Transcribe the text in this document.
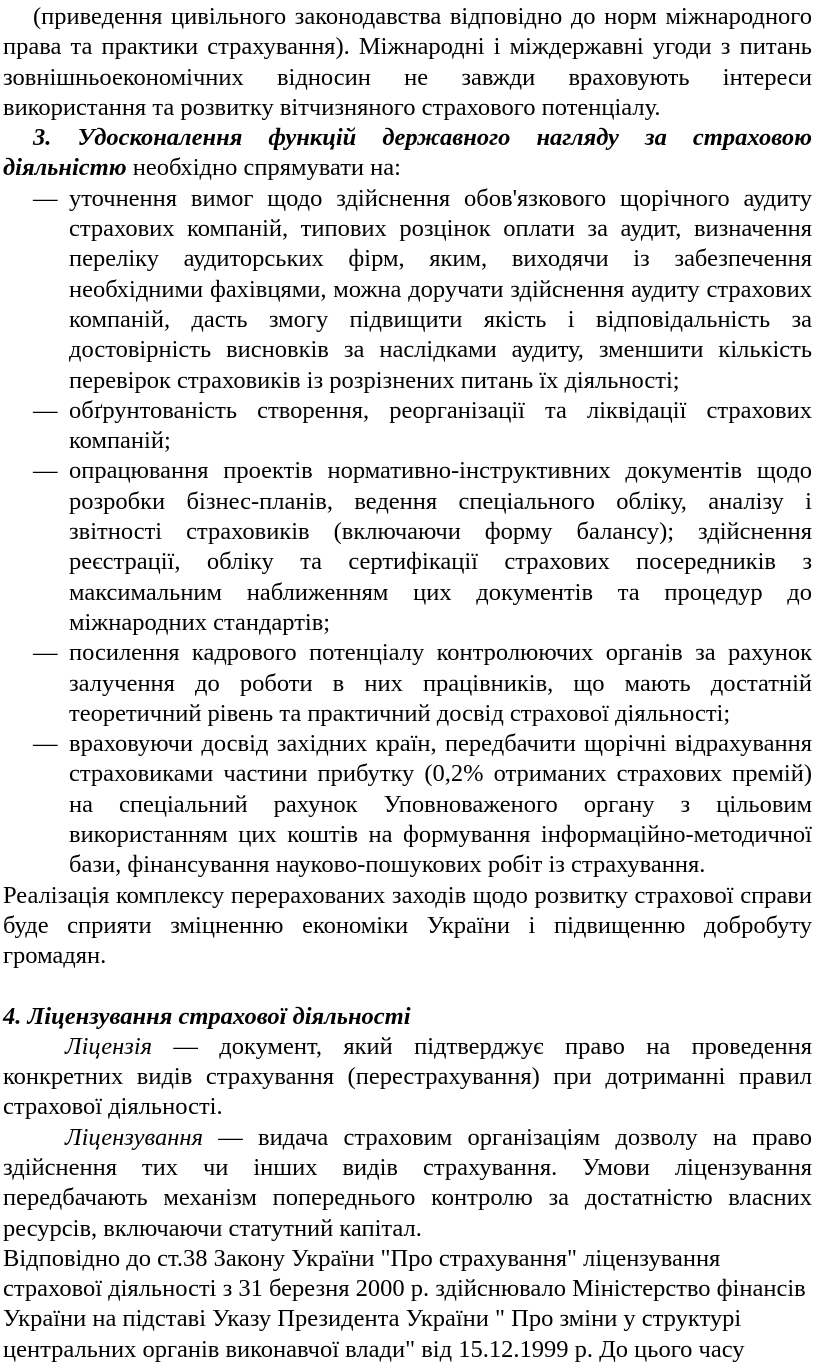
(приведення цивільного законодавства відповідно до норм міжнародного права та практики страхування). Міжнародні і міждержавні угоди з питань зовнішньоекономічних відносин не завжди враховують інтереси використання та розвитку вітчизняного страхового потенціалу.

3. Удосконалення функцій державного нагляду за страховою діяльністю необхідно спрямувати на:

— уточнення вимог щодо здійснення обов'язкового щорічного аудиту страхових компаній, типових розцінок оплати за аудит, визначення переліку аудиторських фірм, яким, виходячи із забезпечення необхідними фахівцями, можна доручати здійснення аудиту страхових компаній, дасть змогу підвищити якість і відповідальність за достовірність висновків за наслідками аудиту, зменшити кількість перевірок страховиків із розрізнених питань їх діяльності;
— обґрунтованість створення, реорганізації та ліквідації страхових компаній;
— опрацювання проектів нормативно-інструктивних документів щодо розробки бізнес-планів, ведення спеціального обліку, аналізу і звітності страховиків (включаючи форму балансу); здійснення реєстрації, обліку та сертифікації страхових посередників з максимальним наближенням цих документів та процедур до міжнародних стандартів;
— посилення кадрового потенціалу контролюючих органів за рахунок залучення до роботи в них працівників, що мають достатній теоретичний рівень та практичний досвід страхової діяльності;
— враховуючи досвід західних країн, передбачити щорічні відрахування страховиками частини прибутку (0,2% отриманих страхових премій) на спеціальний рахунок Уповноваженого органу з цільовим використанням цих коштів на формування інформаційно-методичної бази, фінансування науково-пошукових робіт із страхування.

Реалізація комплексу перерахованих заходів щодо розвитку страхової справи буде сприяти зміцненню економіки України і підвищенню добробуту громадян.

4. Ліцензування страхової діяльності

Ліцензія — документ, який підтверджує право на проведення конкретних видів страхування (перестрахування) при дотриманні правил страхової діяльності.

Ліцензування — видача страховим організаціям дозволу на право здійснення тих чи інших видів страхування. Умови ліцензування передбачають механізм попереднього контролю за достатністю власних ресурсів, включаючи статутний капітал.

Відповідно до ст.38 Закону України "Про страхування" ліцензування

страхової діяльності з 31 березня 2000 р. здійснювало Міністерство фінансів

України на підставі Указу Президента України " Про зміни у структурі

центральних органів виконавчої влади" від 15.12.1999 р. До цього часу
